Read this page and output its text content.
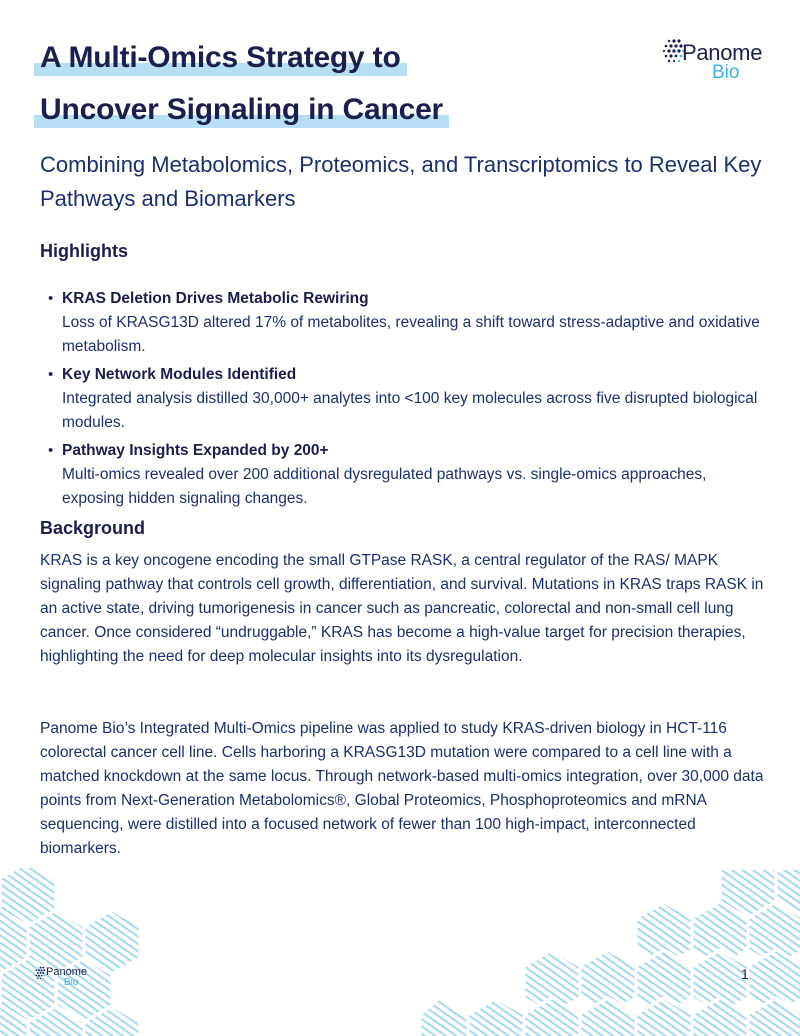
A Multi-Omics Strategy to
Uncover Signaling in Cancer
Panome
Bio
Combining Metabolomics, Proteomics, and Transcriptomics to Reveal Key Pathways and Biomarkers
Highlights
• KRAS Deletion Drives Metabolic Rewiring
Loss of KRASG13D altered 17% of metabolites, revealing a shift toward stress-adaptive and oxidative metabolism.
• Key Network Modules Identified
Integrated analysis distilled 30,000+ analytes into <100 key molecules across five disrupted biological modules.
• Pathway Insights Expanded by 200+
Multi-omics revealed over 200 additional dysregulated pathways vs. single-omics approaches, exposing hidden signaling changes.
Background
KRAS is a key oncogene encoding the small GTPase RASK, a central regulator of the RAS/ MAPK signaling pathway that controls cell growth, differentiation, and survival. Mutations in KRAS traps RASK in an active state, driving tumorigenesis in cancer such as pancreatic, colorectal and non-small cell lung cancer. Once considered “undruggable,” KRAS has become a high-value target for precision therapies, highlighting the need for deep molecular insights into its dysregulation.
Panome Bio’s Integrated Multi-Omics pipeline was applied to study KRAS-driven biology in HCT-116 colorectal cancer cell line. Cells harboring a KRASG13D mutation were compared to a cell line with a matched knockdown at the same locus. Through network-based multi-omics integration, over 30,000 data points from Next-Generation Metabolomics®, Global Proteomics, Phosphoproteomics and mRNA sequencing, were distilled into a focused network of fewer than 100 high-impact, interconnected biomarkers.
Panome
Bio
1
